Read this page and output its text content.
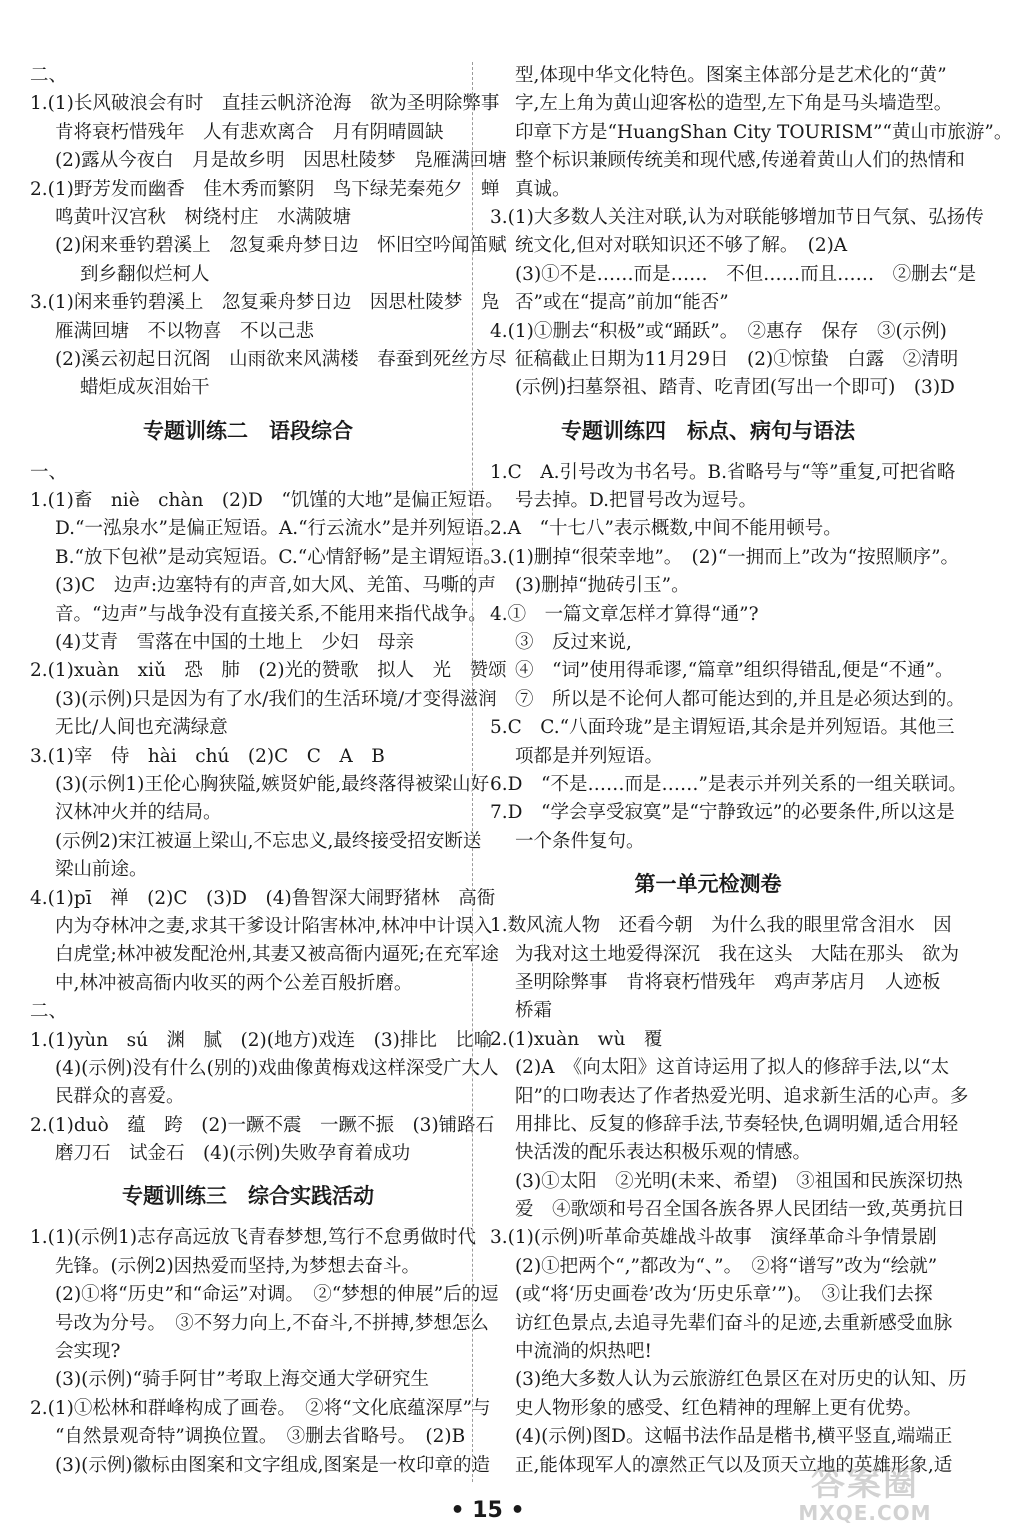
二、
1.(1)长风破浪会有时　直挂云帆济沧海　欲为圣明除弊事
肯将衰朽惜残年　人有悲欢离合　月有阴晴圆缺
(2)露从今夜白　月是故乡明　因思杜陵梦　凫雁满回塘
2.(1)野芳发而幽香　佳木秀而繁阴　鸟下绿芜秦苑夕　蝉
鸣黄叶汉宫秋　树绕村庄　水满陂塘
(2)闲来垂钓碧溪上　忽复乘舟梦日边　怀旧空吟闻笛赋
到乡翻似烂柯人
3.(1)闲来垂钓碧溪上　忽复乘舟梦日边　因思杜陵梦　凫
雁满回塘　不以物喜　不以己悲
(2)溪云初起日沉阁　山雨欲来风满楼　春蚕到死丝方尽
蜡炬成灰泪始干
专题训练二　语段综合
一、
1.(1)畜　niè　chàn　(2)D　“饥馑的大地”是偏正短语。
D.“一泓泉水”是偏正短语。A.“行云流水”是并列短语。
B.“放下包袱”是动宾短语。C.“心情舒畅”是主谓短语。
(3)C　边声:边塞特有的声音,如大风、羌笛、马嘶的声
音。“边声”与战争没有直接关系,不能用来指代战争。
(4)艾青　雪落在中国的土地上　少妇　母亲
2.(1)xuàn　xiǔ　恐　肺　(2)光的赞歌　拟人　光　赞颂
(3)(示例)只是因为有了水/我们的生活环境/才变得滋润
无比/人间也充满绿意
3.(1)宰　侍　hài　chú　(2)C　C　A　B
(3)(示例1)王伦心胸狭隘,嫉贤妒能,最终落得被梁山好
汉林冲火并的结局。
(示例2)宋江被逼上梁山,不忘忠义,最终接受招安断送
梁山前途。
4.(1)pī　禅　(2)C　(3)D　(4)鲁智深大闹野猪林　高衙
内为夺林冲之妻,求其干爹设计陷害林冲,林冲中计误入
白虎堂;林冲被发配沧州,其妻又被高衙内逼死;在充军途
中,林冲被高衙内收买的两个公差百般折磨。
二、
1.(1)yùn　sú　渊　腻　(2)(地方)戏连　(3)排比　比喻
(4)(示例)没有什么(别的)戏曲像黄梅戏这样深受广大人
民群众的喜爱。
2.(1)duò　蕴　跨　(2)一蹶不震　一蹶不振　(3)铺路石
磨刀石　试金石　(4)(示例)失败孕育着成功
专题训练三　综合实践活动
1.(1)(示例1)志存高远放飞青春梦想,笃行不怠勇做时代
先锋。(示例2)因热爱而坚持,为梦想去奋斗。
(2)①将“历史”和“命运”对调。　②“梦想的伸展”后的逗
号改为分号。　③不努力向上,不奋斗,不拼搏,梦想怎么
会实现?
(3)(示例)“骑手阿甘”考取上海交通大学研究生
2.(1)①松林和群峰构成了画卷。　②将“文化底蕴深厚”与
“自然景观奇特”调换位置。　③删去省略号。　(2)B
(3)(示例)徽标由图案和文字组成,图案是一枚印章的造
型,体现中华文化特色。图案主体部分是艺术化的“黄”
字,左上角为黄山迎客松的造型,左下角是马头墙造型。
印章下方是“HuangShan City TOURISM”“黄山市旅游”。
整个标识兼顾传统美和现代感,传递着黄山人们的热情和
真诚。
3.(1)大多数人关注对联,认为对联能够增加节日气氛、弘扬传
统文化,但对对联知识还不够了解。　(2)A
(3)①不是……而是……　不但……而且……　②删去“是
否”或在“提高”前加“能否”
4.(1)①删去“积极”或“踊跃”。　②惠存　保存　③(示例)
征稿截止日期为11月29日　(2)①惊蛰　白露　②清明
(示例)扫墓祭祖、踏青、吃青团(写出一个即可)　(3)D
专题训练四　标点、病句与语法
1.C　A.引号改为书名号。B.省略号与“等”重复,可把省略
号去掉。D.把冒号改为逗号。
2.A　“十七八”表示概数,中间不能用顿号。
3.(1)删掉“很荣幸地”。　(2)“一拥而上”改为“按照顺序”。
(3)删掉“抛砖引玉”。
4.①　一篇文章怎样才算得“通”?
③　反过来说,
④　“词”使用得乖谬,“篇章”组织得错乱,便是“不通”。
⑦　所以是不论何人都可能达到的,并且是必须达到的。
5.C　C.“八面玲珑”是主谓短语,其余是并列短语。其他三
项都是并列短语。
6.D　“不是……而是……”是表示并列关系的一组关联词。
7.D　“学会享受寂寞”是“宁静致远”的必要条件,所以这是
一个条件复句。
第一单元检测卷
1.数风流人物　还看今朝　为什么我的眼里常含泪水　因
为我对这土地爱得深沉　我在这头　大陆在那头　欲为
圣明除弊事　肯将衰朽惜残年　鸡声茅店月　人迹板
桥霜
2.(1)xuàn　wù　覆
(2)A　《向太阳》这首诗运用了拟人的修辞手法,以“太
阳”的口吻表达了作者热爱光明、追求新生活的心声。多
用排比、反复的修辞手法,节奏轻快,色调明媚,适合用轻
快活泼的配乐表达积极乐观的情感。
(3)①太阳　②光明(未来、希望)　③祖国和民族深切热
爱　④歌颂和号召全国各族各界人民团结一致,英勇抗日
3.(1)(示例)听革命英雄战斗故事　演绎革命斗争情景剧
(2)①把两个“,”都改为“、”。　②将“谱写”改为“绘就”
(或“将‘历史画卷’改为‘历史乐章’”)。　③让我们去探
访红色景点,去追寻先辈们奋斗的足迹,去重新感受血脉
中流淌的炽热吧!
(3)绝大多数人认为云旅游红色景区在对历史的认知、历
史人物形象的感受、红色精神的理解上更有优势。
(4)(示例)图D。这幅书法作品是楷书,横平竖直,端端正
正,能体现军人的凛然正气以及顶天立地的英雄形象,适
• 15 •
答案圈
MXQE.COM
